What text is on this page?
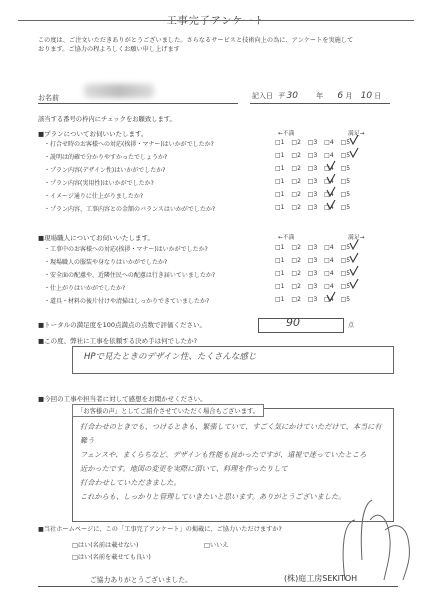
工事完了アンケート
この度は、ご注文いただきありがとうございました。さらなるサービスと技術向上の為に、アンケートを実施して
おります。ご協力の程よろしくお願い申し上げます
お名前	記入日 平 30	年 6 月 10 日
該当する番号の枠内にチェックをお願致します。
■プランについてお伺いいたします。	←不満	満足→
・打合せ時のお客様への対応(挨拶・マナー)はいかがでしたか?	□1 □2 □3 □4 □5
・説明は的確で分かりやすかったでしょうか?	□1 □2 □3 □4 □5
・プラン内容(デザイン性)はいかがでしたか?	□1 □2 □3 □4 □5
・プラン内容(実用性)はいかがでしたか?	□1 □2 □3 □4 □5
・イメージ通りに仕上がりましたか?	□1 □2 □3 □4 □5
・プラン内容、工事内容との金額のバランスはいかがでしたか?	□1 □2 □3 □4 □5
■現場職人についてお伺いいたします。	←不満	満足→
・工事中のお客様への対応(挨拶・マナー)はいかがでしたか?	□1 □2 □3 □4 □5
・現場職人の服装や身なりはいかがでしたか?	□1 □2 □3 □4 □5
・安全面の配慮や、近隣住民への配慮は行き届いていましたか?	□1 □2 □3 □4 □5
・仕上がりはいかがでしたか?	□1 □2 □3 □4 □5
・道具・材料の後片付けや清掃はしっかりできていましたか?	□1 □2 □3 □4 □5
■トータルの満足度を100点満点の点数で評価ください。	90	点
■この度、弊社に工事を依頼する決め手は何でしたか?
HPで見たときのデザイン性、たくさんな感じ
■今回の工事や担当者に対して感想をお聞かせください。
「お客様の声」としてご紹介させていただく場合もございます。
打合わせのときでも、つけるときも、緊張していて、すごく気にかけていただけて、本当に有難う
フェンスや、まくらちなど、デザインも性能も良かったですが、遠視で迷っていたところ
近かったです。地図の変更を実際に頂いて、料理を作ったりして
打合わせしていただきました。
これからも、しっかりと管理していきたいと思います。ありがとうございました。
■当社ホームページに、この「工事完了アンケート」の掲載に、ご協力いただけますか?
□はい(名前は載せない)	□いいえ
□はい(名前を載せても良い)
ご協力ありがとうございました。	(株)庭工房SEKITOH
